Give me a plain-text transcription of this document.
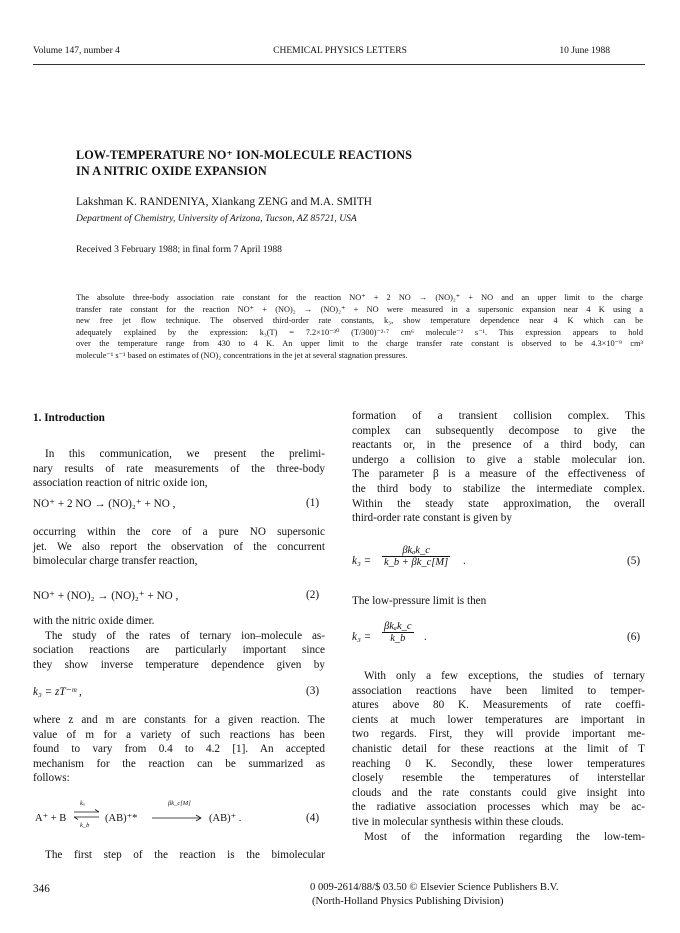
Volume 147, number 4	CHEMICAL PHYSICS LETTERS	10 June 1988
LOW-TEMPERATURE NO⁺ ION-MOLECULE REACTIONS
IN A NITRIC OXIDE EXPANSION
Lakshman K. RANDENIYA, Xiankang ZENG and M.A. SMITH
Department of Chemistry, University of Arizona, Tucson, AZ 85721, USA
Received 3 February 1988; in final form 7 April 1988
The absolute three-body association rate constant for the reaction NO⁺ + 2 NO → (NO)₂⁺ + NO and an upper limit to the charge
transfer rate constant for the reaction NO⁺ + (NO)₂ → (NO)₂⁺ + NO were measured in a supersonic expansion near 4 K using a
new free jet flow technique. The observed third-order rate constants, k₃, show temperature dependence near 4 K which can be
adequately explained by the expression: k₃(T) = 7.2×10⁻³⁰ (T/300)⁻²·⁷ cm⁶ molecule⁻² s⁻¹. This expression appears to hold
over the temperature range from 430 to 4 K. An upper limit to the charge transfer rate constant is observed to be 4.3×10⁻⁹ cm³
molecule⁻¹ s⁻¹ based on estimates of (NO)₂ concentrations in the jet at several stagnation pressures.
1. Introduction
In this communication, we present the prelimi-
nary results of rate measurements of the three-body
association reaction of nitric oxide ion,
NO⁺ + 2 NO → (NO)₂⁺ + NO ,	(1)
occurring within the core of a pure NO supersonic
jet. We also report the observation of the concurrent
bimolecular charge transfer reaction,
NO⁺ + (NO)₂ → (NO)₂⁺ + NO ,	(2)
with the nitric oxide dimer.
The study of the rates of ternary ion–molecule as-
sociation reactions are particularly important since
they show inverse temperature dependence given by
k₃ = zT⁻ᵐ ,	(3)
where z and m are constants for a given reaction. The
value of m for a variety of such reactions has been
found to vary from 0.4 to 4.2 [1]. An accepted
mechanism for the reaction can be summarized as
follows:
A⁺ + B
kₐ
k_b
(AB)⁺*
βk_c[M]
(AB)⁺ .	(4)
The first step of the reaction is the bimolecular
formation of a transient collision complex. This
complex can subsequently decompose to give the
reactants or, in the presence of a third body, can
undergo a collision to give a stable molecular ion.
The parameter β is a measure of the effectiveness of
the third body to stabilize the intermediate complex.
Within the steady state approximation, the overall
third-order rate constant is given by
k₃ =
βkₐk_c
k_b + βk_c[M] .	(5)
The low-pressure limit is then
k₃ =
βkₐk_c
k_b	.	(6)
With only a few exceptions, the studies of ternary
association reactions have been limited to temper-
atures above 80 K. Measurements of rate coeffi-
cients at much lower temperatures are important in
two regards. First, they will provide important me-
chanistic detail for these reactions at the limit of T
reaching 0 K. Secondly, these lower temperatures
closely resemble the temperatures of interstellar
clouds and the rate constants could give insight into
the radiative association processes which may be ac-
tive in molecular synthesis within these clouds.
Most of the information regarding the low-tem-
346	0 009-2614/88/$ 03.50 © Elsevier Science Publishers B.V.
(North-Holland Physics Publishing Division)
